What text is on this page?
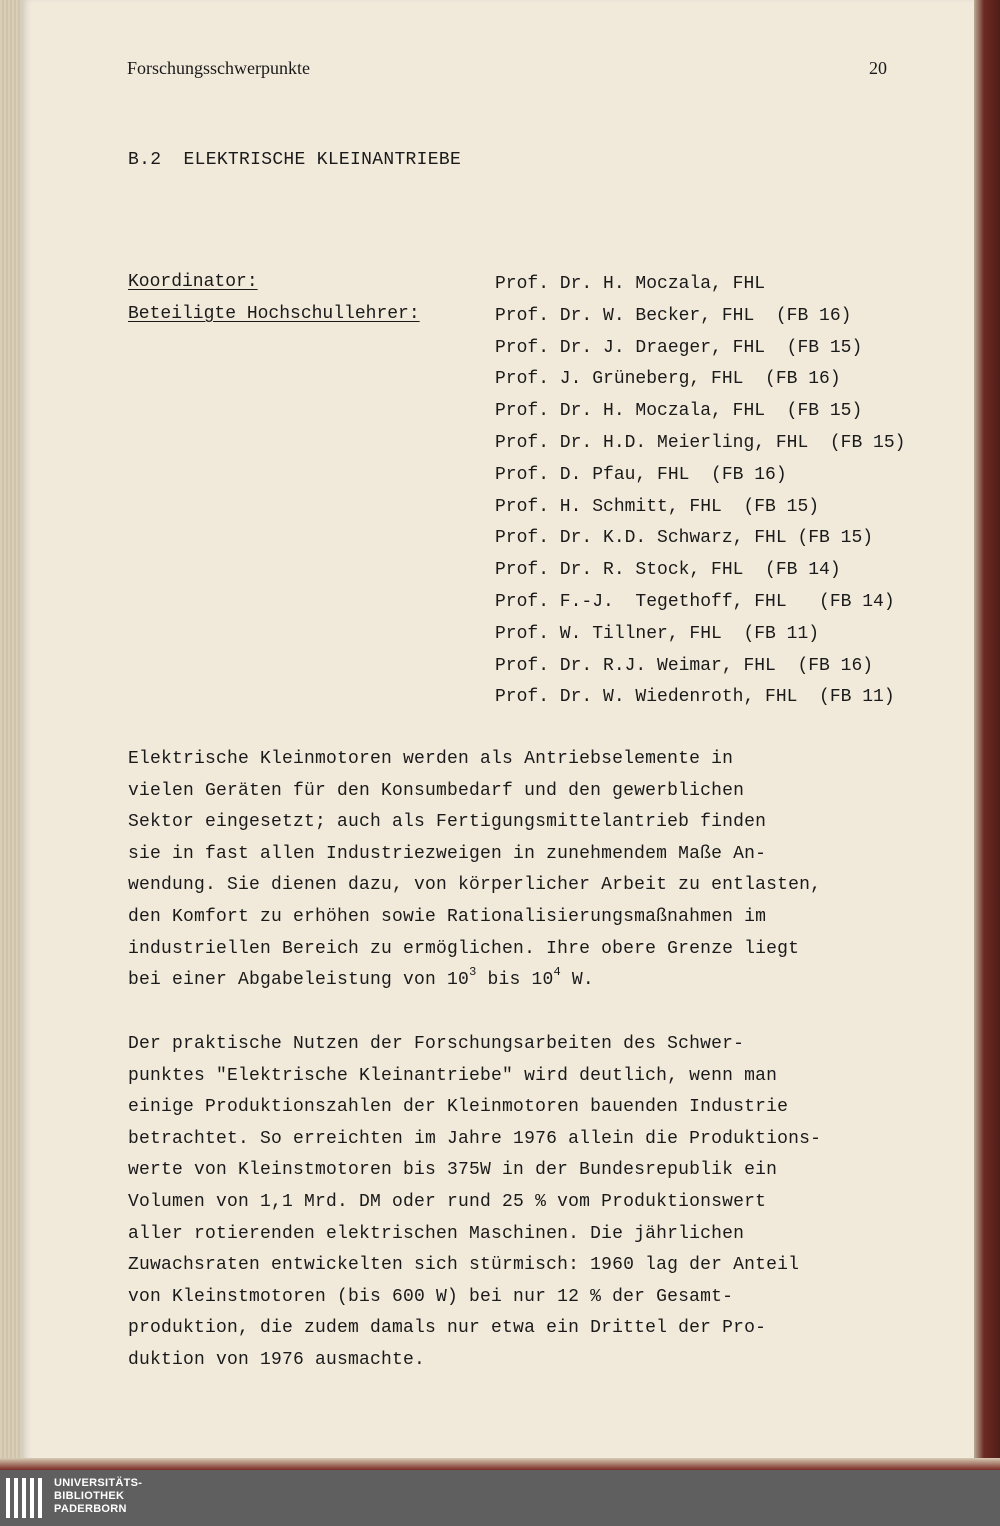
Forschungsschwerpunkte	20
B.2  ELEKTRISCHE KLEINANTRIEBE
Koordinator:
Beteiligte Hochschullehrer:
Prof. Dr. H. Moczala, FHL
Prof. Dr. W. Becker, FHL  (FB 16)
Prof. Dr. J. Draeger, FHL  (FB 15)
Prof. J. Grüneberg, FHL  (FB 16)
Prof. Dr. H. Moczala, FHL  (FB 15)
Prof. Dr. H.D. Meierling, FHL  (FB 15)
Prof. D. Pfau, FHL  (FB 16)
Prof. H. Schmitt, FHL  (FB 15)
Prof. Dr. K.D. Schwarz, FHL (FB 15)
Prof. Dr. R. Stock, FHL  (FB 14)
Prof. F.-J.  Tegethoff, FHL   (FB 14)
Prof. W. Tillner, FHL  (FB 11)
Prof. Dr. R.J. Weimar, FHL  (FB 16)
Prof. Dr. W. Wiedenroth, FHL  (FB 11)

Elektrische Kleinmotoren werden als Antriebselemente in
vielen Geräten für den Konsumbedarf und den gewerblichen
Sektor eingesetzt; auch als Fertigungsmittelantrieb finden
sie in fast allen Industriezweigen in zunehmendem Maße An-
wendung. Sie dienen dazu, von körperlicher Arbeit zu entlasten,
den Komfort zu erhöhen sowie Rationalisierungsmaßnahmen im
industriellen Bereich zu ermöglichen. Ihre obere Grenze liegt
bei einer Abgabeleistung von $10^3$ bis $10^4$ W.

Der praktische Nutzen der Forschungsarbeiten des Schwer-
punktes "Elektrische Kleinantriebe" wird deutlich, wenn man
einige Produktionszahlen der Kleinmotoren bauenden Industrie
betrachtet. So erreichten im Jahre 1976 allein die Produktions-
werte von Kleinstmotoren bis 375W in der Bundesrepublik ein
Volumen von 1,1 Mrd. DM oder rund 25 % vom Produktionswert
aller rotierenden elektrischen Maschinen. Die jährlichen
Zuwachsraten entwickelten sich stürmisch: 1960 lag der Anteil
von Kleinstmotoren (bis 600 W) bei nur 12 % der Gesamt-
produktion, die zudem damals nur etwa ein Drittel der Pro-
duktion von 1976 ausmachte.

UNIVERSITÄTS-
BIBLIOTHEK
PADERBORN
